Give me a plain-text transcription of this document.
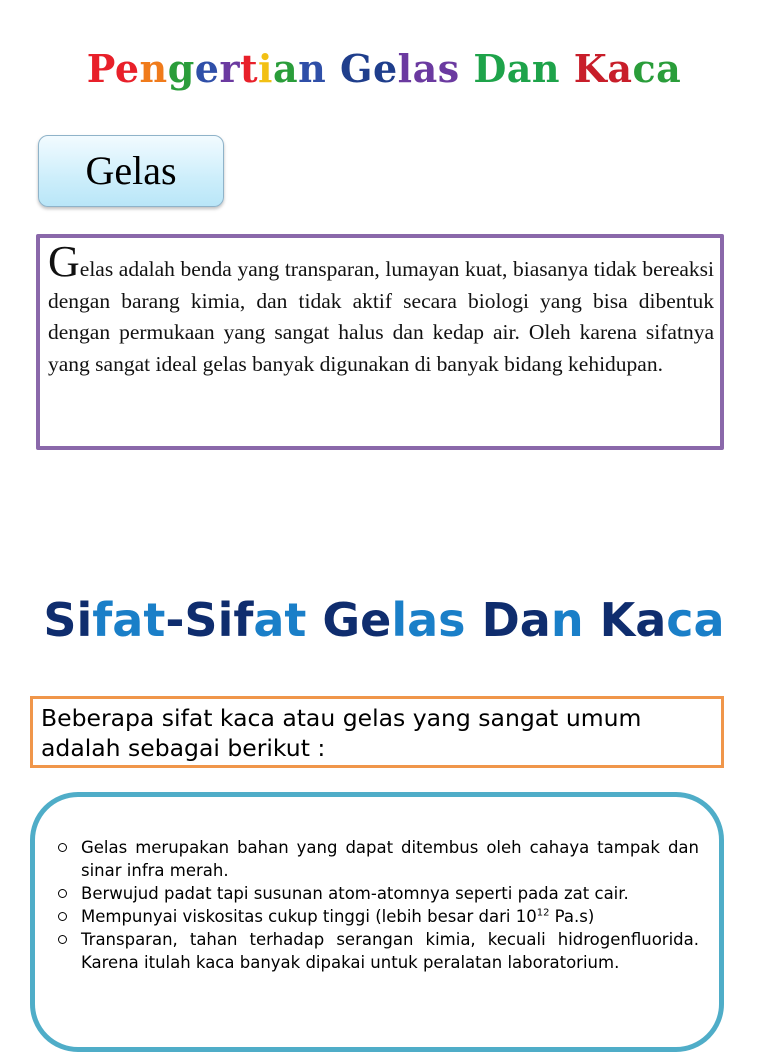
Pengertian Gelas Dan Kaca
Gelas
Gelas adalah benda yang transparan, lumayan kuat, biasanya tidak bereaksi dengan barang kimia, dan tidak aktif secara biologi yang bisa dibentuk dengan permukaan yang sangat halus dan kedap air. Oleh karena sifatnya yang sangat ideal gelas banyak digunakan di banyak bidang kehidupan.
Sifat-Sifat Gelas Dan Kaca
Beberapa sifat kaca atau gelas yang sangat umum adalah sebagai berikut :
Gelas merupakan bahan yang dapat ditembus oleh cahaya tampak dan sinar infra merah.
Berwujud padat tapi susunan atom-atomnya seperti pada zat cair.
Mempunyai viskositas cukup tinggi (lebih besar dari $10^{12}$ Pa.s)
Transparan, tahan terhadap serangan kimia, kecuali hidrogenfluorida. Karena itulah kaca banyak dipakai untuk peralatan laboratorium.
